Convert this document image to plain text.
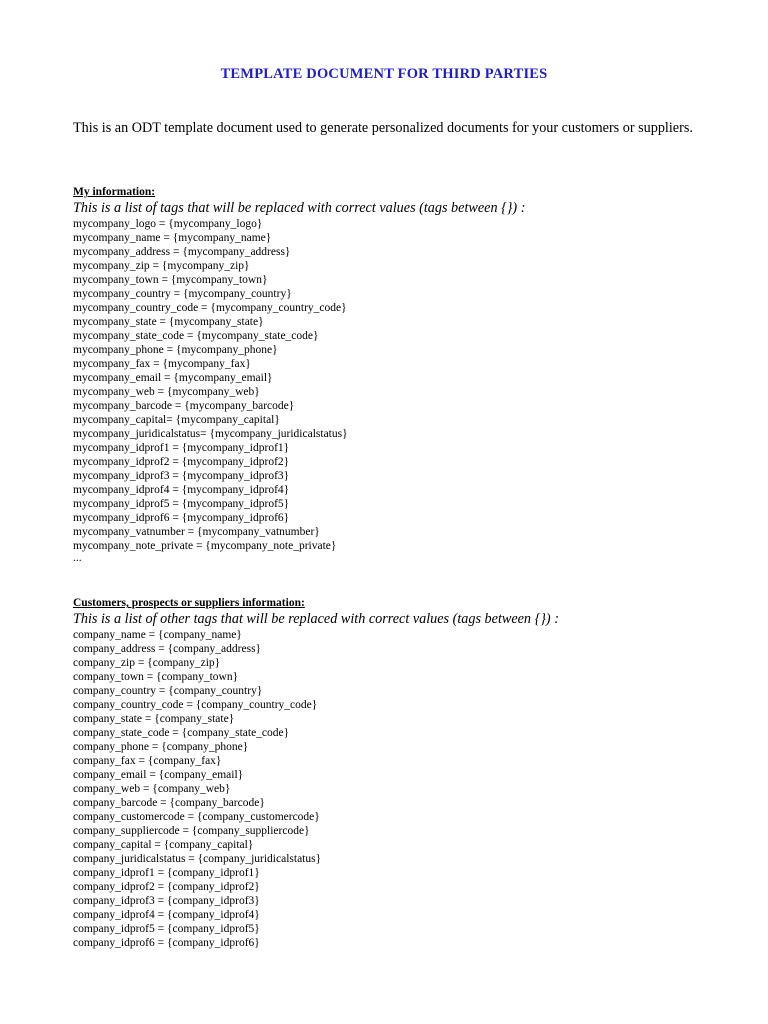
TEMPLATE DOCUMENT FOR THIRD PARTIES

This is an ODT template document used to generate personalized documents for your customers or suppliers.

My information:

This is a list of tags that will be replaced with correct values (tags between {}) :

mycompany_logo = {mycompany_logo}
mycompany_name = {mycompany_name}
mycompany_address = {mycompany_address}
mycompany_zip = {mycompany_zip}
mycompany_town = {mycompany_town}
mycompany_country = {mycompany_country}
mycompany_country_code = {mycompany_country_code}
mycompany_state = {mycompany_state}
mycompany_state_code = {mycompany_state_code}
mycompany_phone = {mycompany_phone}
mycompany_fax = {mycompany_fax}
mycompany_email = {mycompany_email}
mycompany_web = {mycompany_web}
mycompany_barcode = {mycompany_barcode}
mycompany_capital= {mycompany_capital}
mycompany_juridicalstatus= {mycompany_juridicalstatus}
mycompany_idprof1 = {mycompany_idprof1}
mycompany_idprof2 = {mycompany_idprof2}
mycompany_idprof3 = {mycompany_idprof3}
mycompany_idprof4 = {mycompany_idprof4}
mycompany_idprof5 = {mycompany_idprof5}
mycompany_idprof6 = {mycompany_idprof6}
mycompany_vatnumber = {mycompany_vatnumber}
mycompany_note_private = {mycompany_note_private}
...

Customers, prospects or suppliers information:

This is a list of other tags that will be replaced with correct values (tags between {}) :

company_name = {company_name}
company_address = {company_address}
company_zip = {company_zip}
company_town = {company_town}
company_country = {company_country}
company_country_code = {company_country_code}
company_state = {company_state}
company_state_code = {company_state_code}
company_phone = {company_phone}
company_fax = {company_fax}
company_email = {company_email}
company_web = {company_web}
company_barcode = {company_barcode}
company_customercode = {company_customercode}
company_suppliercode = {company_suppliercode}
company_capital = {company_capital}
company_juridicalstatus = {company_juridicalstatus}
company_idprof1 = {company_idprof1}
company_idprof2 = {company_idprof2}
company_idprof3 = {company_idprof3}
company_idprof4 = {company_idprof4}
company_idprof5 = {company_idprof5}
company_idprof6 = {company_idprof6}
